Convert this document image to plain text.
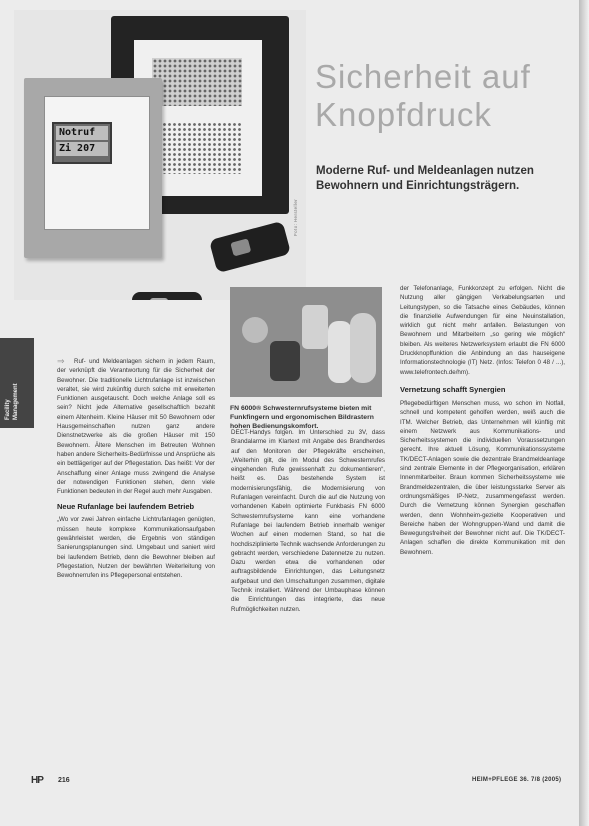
Notruf
Zi 207
Foto: Hersteller
Sicherheit auf
Knopfdruck

Moderne Ruf- und Meldeanlagen nutzen Bewohnern und Einrichtungsträgern.

FN 6000® Schwesternrufsysteme bieten mit Funkfingern und ergonomischen Bildrastern hohen Bedienungskomfort.

Facility Management

⇒ Ruf- und Meldeanlagen sichern in jedem Raum, der verknüpft die Verantwortung für die Sicherheit der Bewohner. Die traditionelle Lichtrufanlage ist inzwischen veraltet, sie wird zukünftig durch solche mit erweiterten Funktionen ausgetauscht. Doch welche Anlage soll es sein? Nicht jede Alternative gesellschaftlich bezahlt einem Altenheim. Kleine Häuser mit 50 Bewohnern oder Hausgemeinschaften nutzen ganz andere Dienstnetzwerke als die großen Häuser mit 150 Bewohnern. Ältere Menschen im Betreuten Wohnen haben andere Sicherheits-Bedürfnisse und Ansprüche als ein bettlägeriger auf der Pflegestation. Das heißt: Vor der Anschaffung einer Anlage muss zwingend die Analyse der notwendigen Funktionen stehen, denn viele Funktionen bedeuten in der Regel auch mehr Ausgaben.

Neue Rufanlage bei laufendem Betrieb

„Wo vor zwei Jahren einfache Lichtrufanlagen genügten, müssen heute komplexe Kommunikationsaufgaben gewährleistet werden, die Ergebnis von ständigen Sanierungsplanungen sind. Umgebaut und saniert wird bei laufendem Betrieb, denn die Bewohner bleiben auf Pflegestation, Nutzen der bewährten Weiterleitung von Bewohnerrufen ins Pflegepersonal entstehen.

DECT-Handys folgen. Im Unterschied zu 3V, dass Brandalarme im Klartext mit Angabe des Brandherdes auf den Monitoren der Pflegekräfte erscheinen, „Weiterhin gilt, die im Modul des Schwesternrufes eingehenden Rufe gewissenhaft zu dokumentieren“, heißt es. Das bestehende System ist modernisierungsfähig, die Modernisierung von Rufanlagen vereinfacht. Durch die auf die Nutzung von vorhandenen Kabeln optimierte Funkbasis FN 6000 Schwesternrufsysteme kann eine vorhandene Rufanlage bei laufendem Betrieb innerhalb weniger Wochen auf einen modernen Stand, so hat die hochdisziplinierte Technik wachsende Anforderungen zu gebracht werden, verschiedene Datennetze zu nutzen. Dazu werden etwa die vorhandenen oder auftragsbildende Einrichtungen, das Leitungsnetz aufgebaut und den Umschaltungen zusammen, digitale Technik installiert. Während der Umbauphase können die Einrichtungen das integrierte, das neue Rufmöglichkeiten nutzen.

der Telefonanlage, Funkkonzept zu erfolgen. Nicht die Nutzung aller gängigen Verkabelungsarten und Leitungstypen, so die Tatsache eines Gebäudes, können die finanzielle Aufwendungen für eine Neuinstallation, wirklich gut nicht mehr anfallen. Belastungen von Bewohnern und Mitarbeitern „so gering wie möglich“ bleiben. Als weiteres Netzwerksystem erlaubt die FN 6000 Druckknopffunktion die Anbindung an das hauseigene Informationstechnologie (IT) Netz. (Infos: Telefon 0 48 / ...), www.telefrontech.de/hm).

Vernetzung schafft Synergien

Pflegebedürftigen Menschen muss, wo schon im Notfall, schnell und kompetent geholfen werden, weiß auch die ITM. Welcher Betrieb, das Unternehmen will künftig mit einem Netzwerk aus Kommunikations- und Sicherheitssystemen die individuellen Voraussetzungen gerecht. Ihre aktuell Lösung, Kommunikationssysteme TK/DECT-Anlagen sowie die dezentrale Brandmeldeanlage sind zentrale Elemente in der Pflegeorganisation, erklären Innenmitarbeiter. Braun kommen Sicherheitssysteme wie Brandmeldezentralen, die über leistungsstarke Server als ordnungsmäßiges IP-Netz, zusammengefasst werden. Durch die Vernetzung können Synergien geschaffen werden, denn Wohnheim-gezielte Kooperativen und Bereiche haben der Wohngruppen-Wand und damit die Bewegungsfreiheit der Bewohner nicht auf. Die TK/DECT-Anlagen schaffen die direkte Kommunikation mit den Bewohnern.

HP 216	HEIM+PFLEGE 36. 7/8 (2005)
